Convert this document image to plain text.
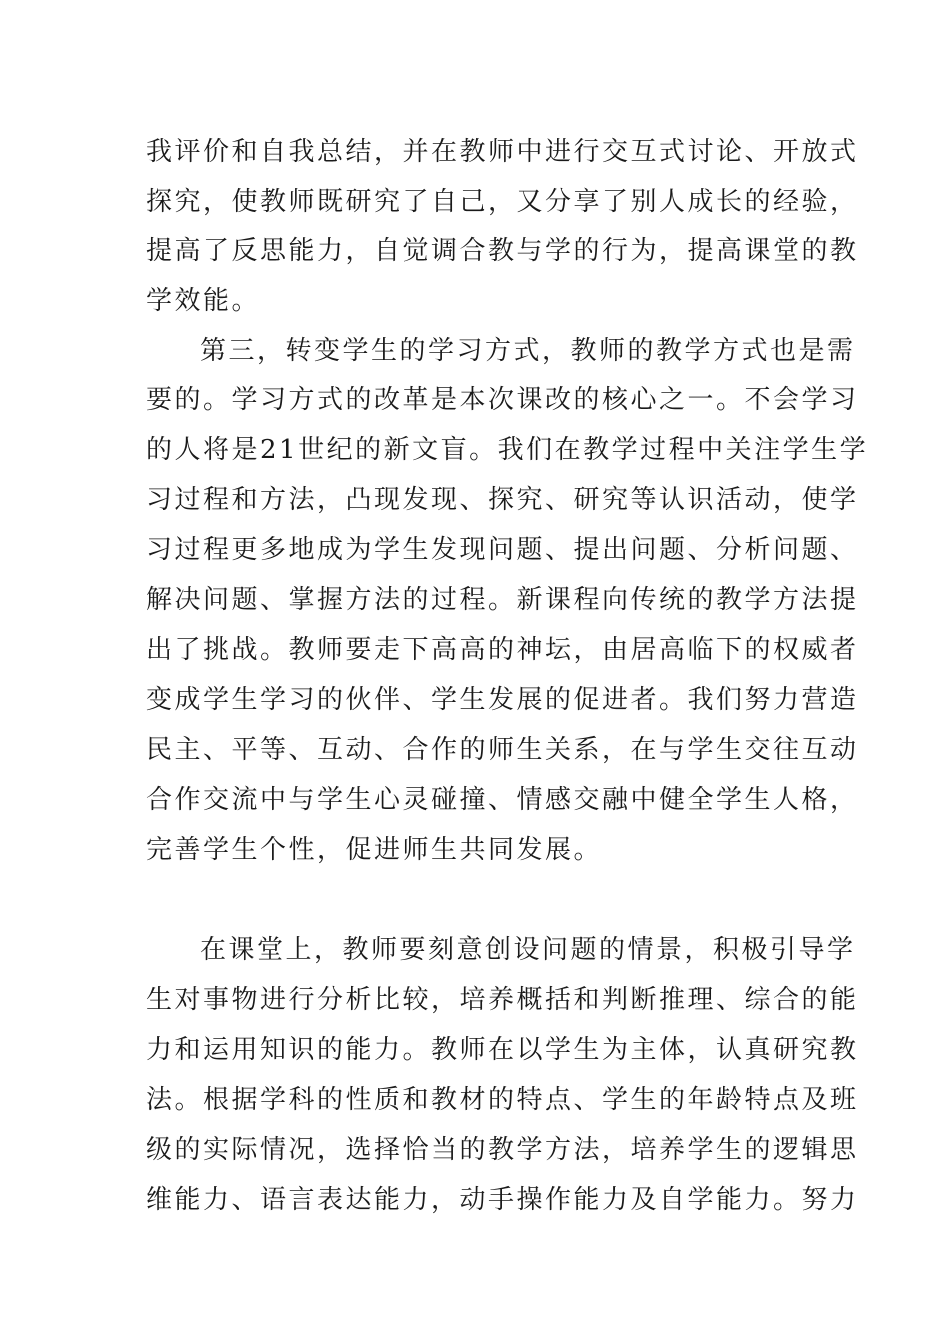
我评价和自我总结，并在教师中进行交互式讨论、开放式
探究，使教师既研究了自己，又分享了别人成长的经验，
提高了反思能力，自觉调合教与学的行为，提高课堂的教
学效能。
第三，转变学生的学习方式，教师的教学方式也是需
要的。学习方式的改革是本次课改的核心之一。不会学习
的人将是21世纪的新文盲。我们在教学过程中关注学生学
习过程和方法，凸现发现、探究、研究等认识活动，使学
习过程更多地成为学生发现问题、提出问题、分析问题、
解决问题、掌握方法的过程。新课程向传统的教学方法提
出了挑战。教师要走下高高的神坛，由居高临下的权威者
变成学生学习的伙伴、学生发展的促进者。我们努力营造
民主、平等、互动、合作的师生关系，在与学生交往互动
合作交流中与学生心灵碰撞、情感交融中健全学生人格，
完善学生个性，促进师生共同发展。
在课堂上，教师要刻意创设问题的情景，积极引导学
生对事物进行分析比较，培养概括和判断推理、综合的能
力和运用知识的能力。教师在以学生为主体，认真研究教
法。根据学科的性质和教材的特点、学生的年龄特点及班
级的实际情况，选择恰当的教学方法，培养学生的逻辑思
维能力、语言表达能力，动手操作能力及自学能力。努力
